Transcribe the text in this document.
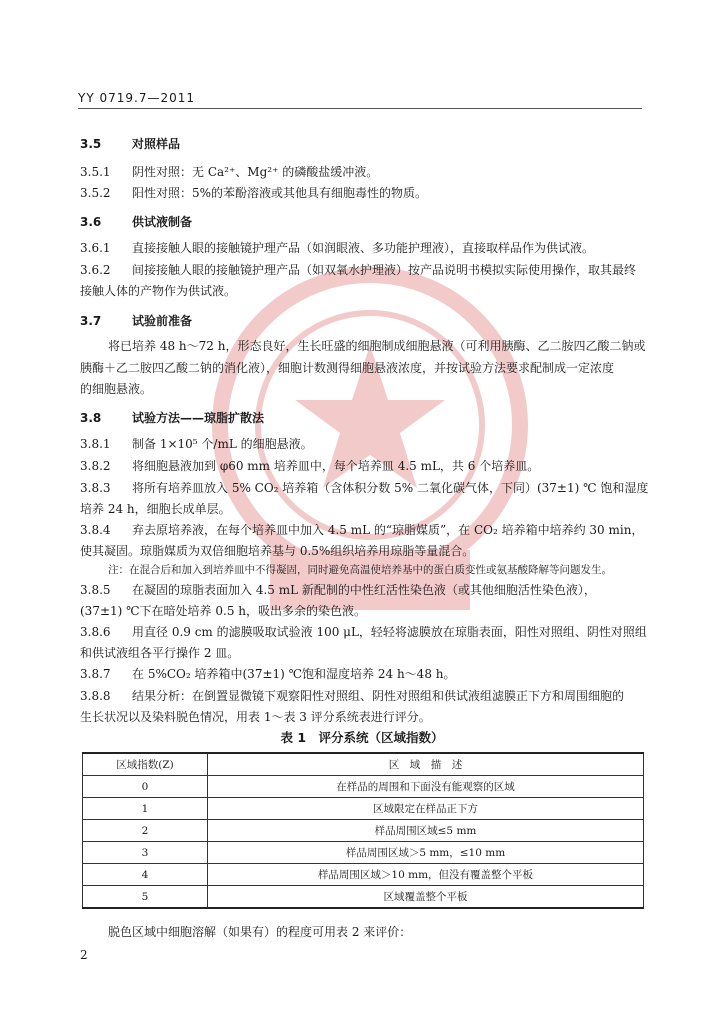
YY 0719.7—2011
3.5	对照样品
3.5.1 阴性对照：无 Ca²⁺、Mg²⁺ 的磷酸盐缓冲液。
3.5.2 阳性对照：5%的苯酚溶液或其他具有细胞毒性的物质。
3.6	供试液制备
3.6.1 直接接触人眼的接触镜护理产品（如润眼液、多功能护理液），直接取样品作为供试液。
3.6.2 间接接触人眼的接触镜护理产品（如双氧水护理液）按产品说明书模拟实际使用操作，取其最终
接触人体的产物作为供试液。
3.7	试验前准备
将已培养 48 h～72 h，形态良好，生长旺盛的细胞制成细胞悬液（可利用胰酶、乙二胺四乙酸二钠或
胰酶＋乙二胺四乙酸二钠的消化液），细胞计数测得细胞悬液浓度，并按试验方法要求配制成一定浓度
的细胞悬液。
3.8	试验方法——琼脂扩散法
3.8.1 制备 1×10⁵ 个/mL 的细胞悬液。
3.8.2 将细胞悬液加到 φ60 mm 培养皿中，每个培养皿 4.5 mL，共 6 个培养皿。
3.8.3 将所有培养皿放入 5% CO₂ 培养箱（含体积分数 5% 二氧化碳气体，下同）(37±1) ℃ 饱和湿度
培养 24 h，细胞长成单层。
3.8.4 弃去原培养液，在每个培养皿中加入 4.5 mL 的“琼脂媒质”，在 CO₂ 培养箱中培养约 30 min，
使其凝固。琼脂媒质为双倍细胞培养基与 0.5%组织培养用琼脂等量混合。
注：在混合后和加入到培养皿中不得凝固，同时避免高温使培养基中的蛋白质变性或氨基酸降解等问题发生。
3.8.5 在凝固的琼脂表面加入 4.5 mL 新配制的中性红活性染色液（或其他细胞活性染色液），
(37±1) ℃下在暗处培养 0.5 h，吸出多余的染色液。
3.8.6 用直径 0.9 cm 的滤膜吸取试验液 100 μL，轻轻将滤膜放在琼脂表面，阳性对照组、阴性对照组
和供试液组各平行操作 2 皿。
3.8.7 在 5%CO₂ 培养箱中(37±1) ℃饱和湿度培养 24 h～48 h。
3.8.8 结果分析：在倒置显微镜下观察阳性对照组、阴性对照组和供试液组滤膜正下方和周围细胞的
生长状况以及染料脱色情况，用表 1～表 3 评分系统表进行评分。
表 1　评分系统（区域指数）
区域指数(Z)	区　域　描　述
0	在样品的周围和下面没有能观察的区域
1	区域限定在样品正下方
2	样品周围区域≤5 mm
3	样品周围区域＞5 mm，≤10 mm
4	样品周围区域＞10 mm，但没有覆盖整个平板
5	区域覆盖整个平板
脱色区域中细胞溶解（如果有）的程度可用表 2 来评价：
2
